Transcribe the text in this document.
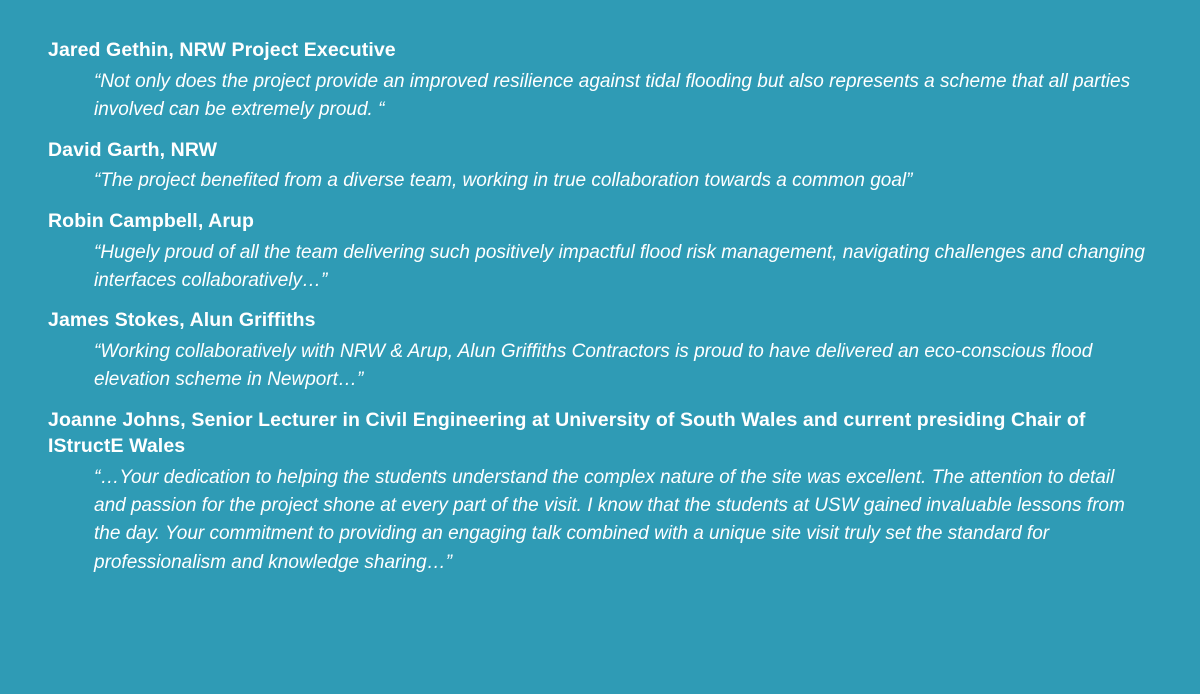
Jared Gethin, NRW Project Executive
“Not only does the project provide an improved resilience against tidal flooding but also represents a scheme that all parties involved can be extremely proud. “
David Garth, NRW
“The project benefited from a diverse team, working in true collaboration towards a common goal”
Robin Campbell, Arup
“Hugely proud of all the team delivering such positively impactful flood risk management, navigating challenges and changing interfaces collaboratively…”
James Stokes, Alun Griffiths
“Working collaboratively with NRW & Arup, Alun Griffiths Contractors is proud to have delivered an eco-conscious flood elevation scheme in Newport…”
Joanne Johns, Senior Lecturer in Civil Engineering at University of South Wales and current presiding Chair of IStructE Wales
“…Your dedication to helping the students understand the complex nature of the site was excellent. The attention to detail and passion for the project shone at every part of the visit. I know that the students at USW gained invaluable lessons from the day. Your commitment to providing an engaging talk combined with a unique site visit truly set the standard for professionalism and knowledge sharing…”
